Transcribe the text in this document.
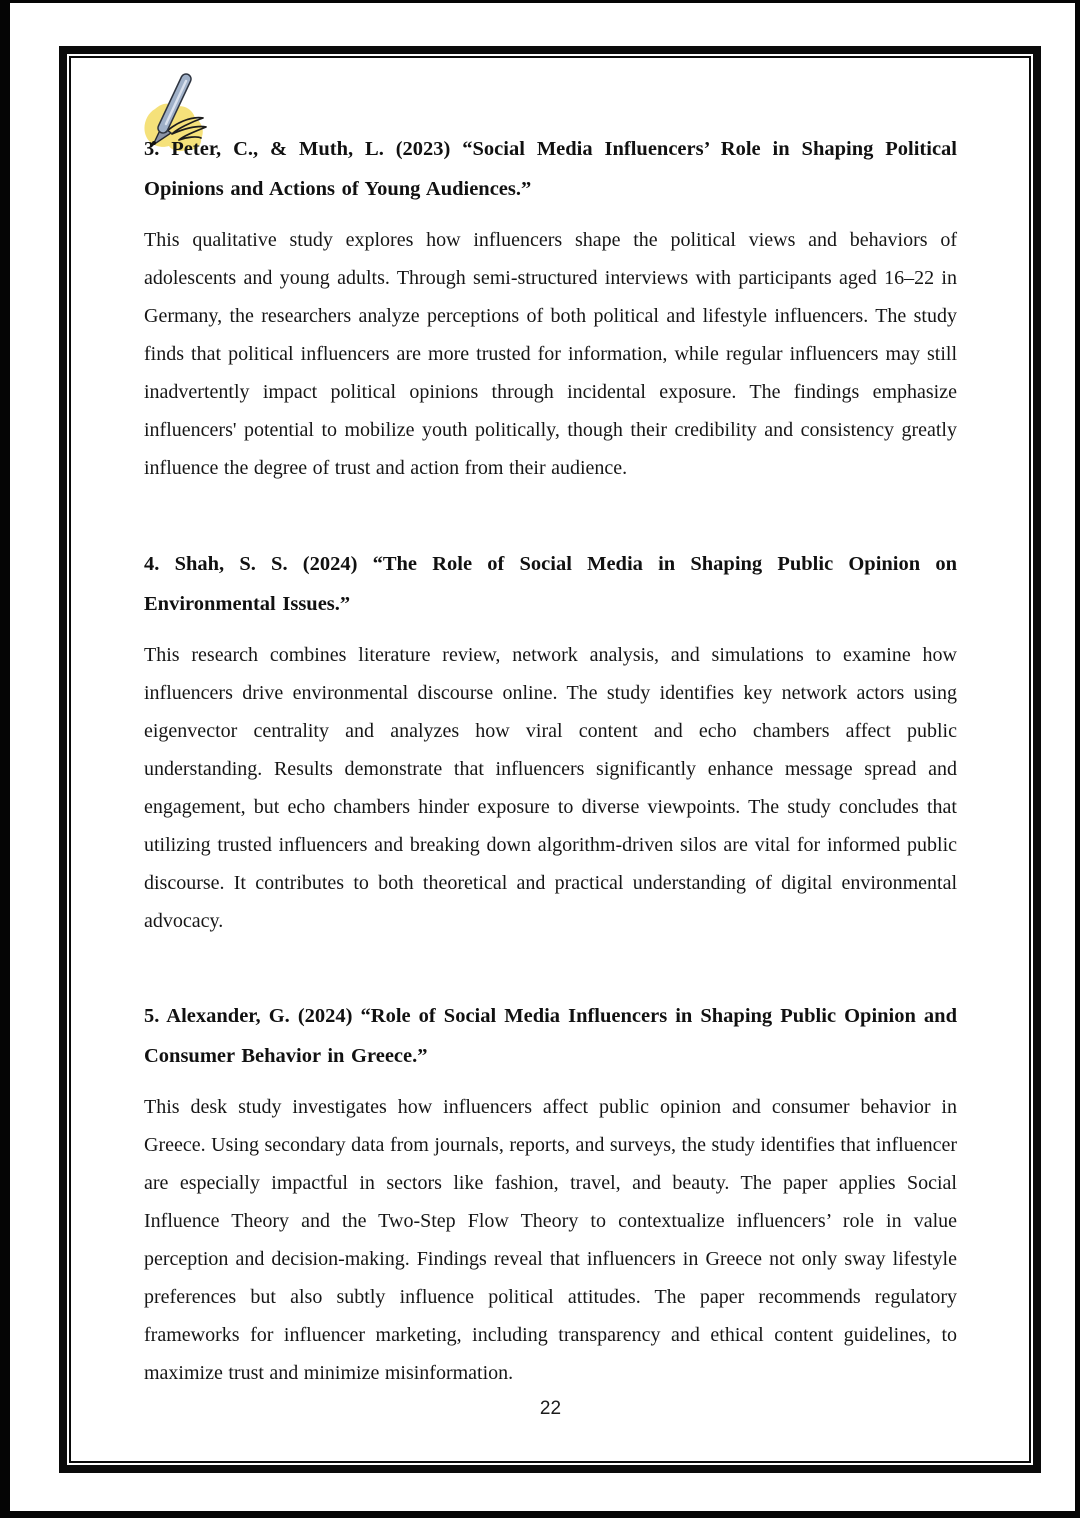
3. Peter, C., & Muth, L. (2023) “Social Media Influencers’ Role in Shaping Political Opinions and Actions of Young Audiences.”

This qualitative study explores how influencers shape the political views and behaviors of adolescents and young adults. Through semi-structured interviews with participants aged 16–22 in Germany, the researchers analyze perceptions of both political and lifestyle influencers. The study finds that political influencers are more trusted for information, while regular influencers may still inadvertently impact political opinions through incidental exposure. The findings emphasize influencers' potential to mobilize youth politically, though their credibility and consistency greatly influence the degree of trust and action from their audience.

4. Shah, S. S. (2024) “The Role of Social Media in Shaping Public Opinion on Environmental Issues.”

This research combines literature review, network analysis, and simulations to examine how influencers drive environmental discourse online. The study identifies key network actors using eigenvector centrality and analyzes how viral content and echo chambers affect public understanding. Results demonstrate that influencers significantly enhance message spread and engagement, but echo chambers hinder exposure to diverse viewpoints. The study concludes that utilizing trusted influencers and breaking down algorithm-driven silos are vital for informed public discourse. It contributes to both theoretical and practical understanding of digital environmental advocacy.

5. Alexander, G. (2024) “Role of Social Media Influencers in Shaping Public Opinion and Consumer Behavior in Greece.”

This desk study investigates how influencers affect public opinion and consumer behavior in Greece. Using secondary data from journals, reports, and surveys, the study identifies that influencer are especially impactful in sectors like fashion, travel, and beauty. The paper applies Social Influence Theory and the Two-Step Flow Theory to contextualize influencers’ role in value perception and decision-making. Findings reveal that influencers in Greece not only sway lifestyle preferences but also subtly influence political attitudes. The paper recommends regulatory frameworks for influencer marketing, including transparency and ethical content guidelines, to maximize trust and minimize misinformation.

22
